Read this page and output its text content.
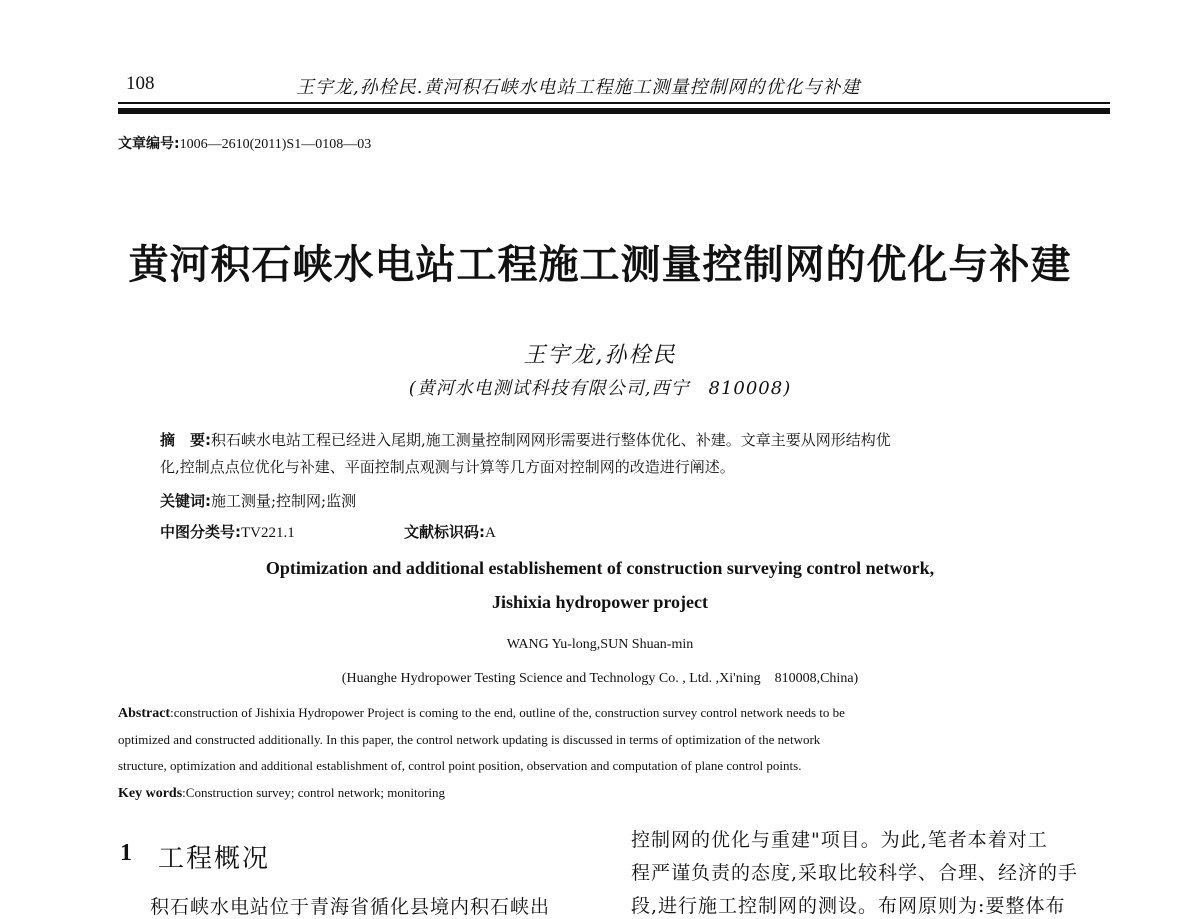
108	王宇龙,孙栓民.黄河积石峡水电站工程施工测量控制网的优化与补建
文章编号:1006—2610(2011)S1—0108—03
黄河积石峡水电站工程施工测量控制网的优化与补建
王宇龙,孙栓民
(黄河水电测试科技有限公司,西宁　810008)
摘　要:积石峡水电站工程已经进入尾期,施工测量控制网网形需要进行整体优化、补建。文章主要从网形结构优
化,控制点点位优化与补建、平面控制点观测与计算等几方面对控制网的改造进行阐述。
关键词:施工测量;控制网;监测
中图分类号:TV221.1	文献标识码:A
Optimization and additional establishement of construction surveying control network,
Jishixia hydropower project
WANG Yu-long,SUN Shuan-min
(Huanghe Hydropower Testing Science and Technology Co. , Ltd. ,Xi'ning　810008,China)
Abstract:construction of Jishixia Hydropower Project is coming to the end, outline of the, construction survey control network needs to be
optimized and constructed additionally. In this paper, the control network updating is discussed in terms of optimization of the network
structure, optimization and additional establishment of, control point position, observation and computation of plane control points.
Key words:Construction survey; control network; monitoring
1 工程概况
积石峡水电站位于青海省循化县境内积石峡出
控制网的优化与重建"项目。为此,笔者本着对工
程严谨负责的态度,采取比较科学、合理、经济的手
段,进行施工控制网的测设。布网原则为:要整体布
